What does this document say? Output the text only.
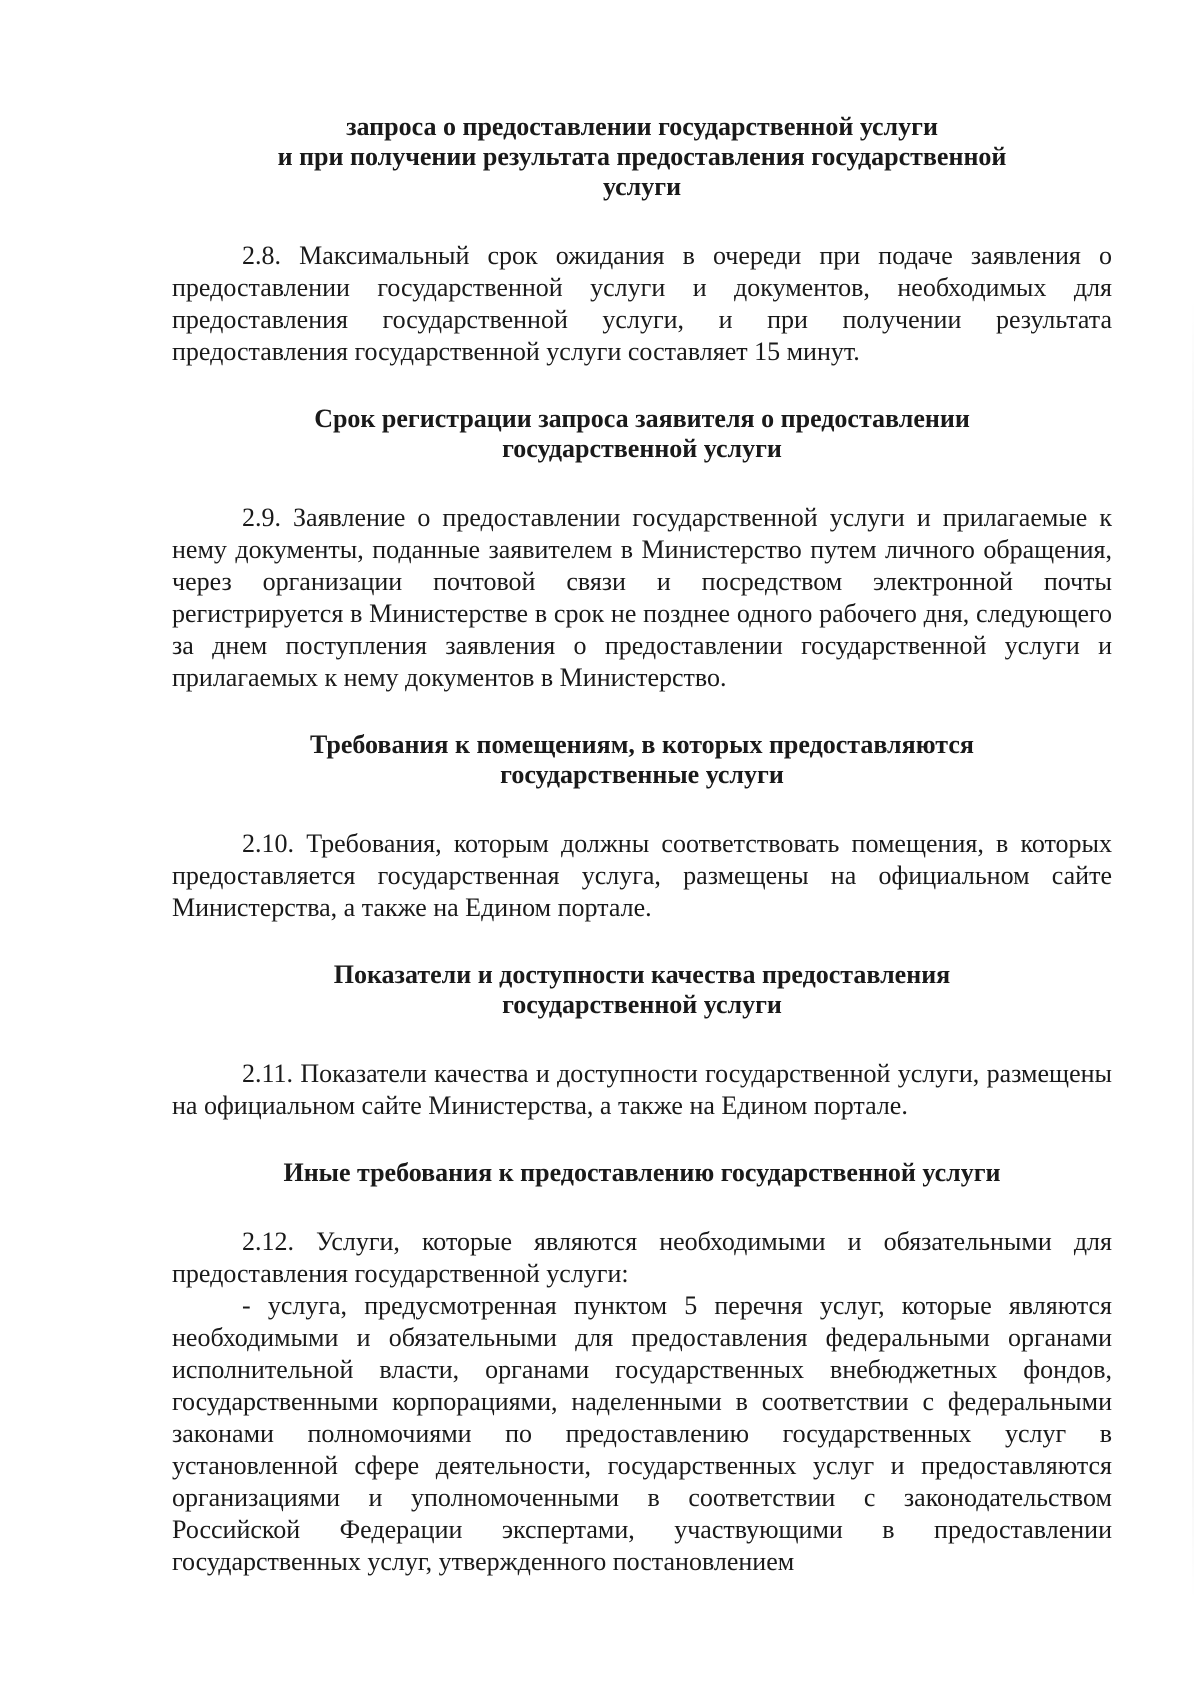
запроса о предоставлении государственной услуги
и при получении результата предоставления государственной
услуги

2.8. Максимальный срок ожидания в очереди при подаче заявления о предоставлении государственной услуги и документов, необходимых для предоставления государственной услуги, и при получении результата предоставления государственной услуги составляет 15 минут.

Срок регистрации запроса заявителя о предоставлении
государственной услуги

2.9. Заявление о предоставлении государственной услуги и прилагаемые к нему документы, поданные заявителем в Министерство путем личного обращения, через организации почтовой связи и посредством электронной почты регистрируется в Министерстве в срок не позднее одного рабочего дня, следующего за днем поступления заявления о предоставлении государственной услуги и прилагаемых к нему документов в Министерство.

Требования к помещениям, в которых предоставляются
государственные услуги

2.10. Требования, которым должны соответствовать помещения, в которых предоставляется государственная услуга, размещены на официальном сайте Министерства, а также на Едином портале.

Показатели и доступности качества предоставления
государственной услуги

2.11. Показатели качества и доступности государственной услуги, размещены на официальном сайте Министерства, а также на Едином портале.

Иные требования к предоставлению государственной услуги

2.12. Услуги, которые являются необходимыми и обязательными для предоставления государственной услуги:

- услуга, предусмотренная пунктом 5 перечня услуг, которые являются необходимыми и обязательными для предоставления федеральными органами исполнительной власти, органами государственных внебюджетных фондов, государственными корпорациями, наделенными в соответствии с федеральными законами полномочиями по предоставлению государственных услуг в установленной сфере деятельности, государственных услуг и предоставляются организациями и уполномоченными в соответствии с законодательством Российской Федерации экспертами, участвующими в предоставлении государственных услуг, утвержденного постановлением
